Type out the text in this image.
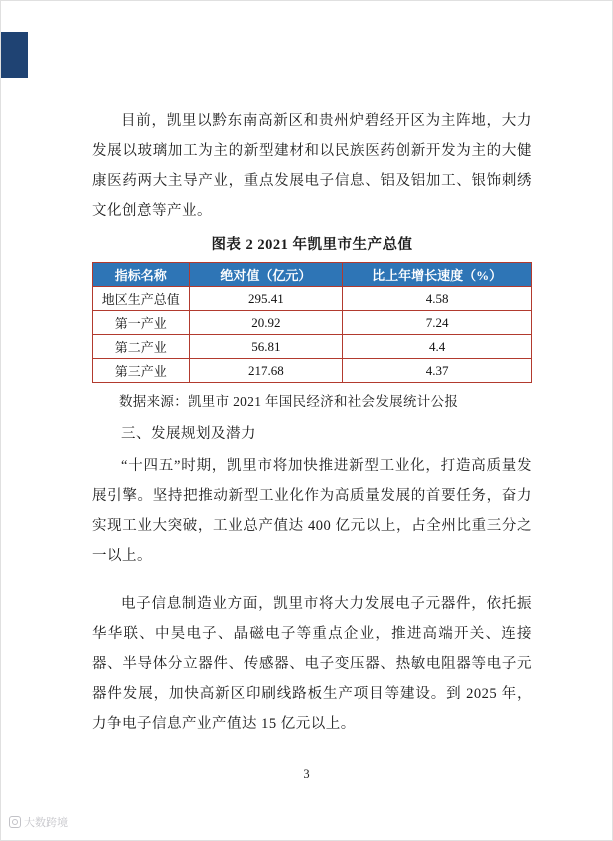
目前，凯里以黔东南高新区和贵州炉碧经开区为主阵地，大力发展以玻璃加工为主的新型建材和以民族医药创新开发为主的大健康医药两大主导产业，重点发展电子信息、铝及铝加工、银饰刺绣文化创意等产业。

图表 2 2021 年凯里市生产总值
指标名称	绝对值（亿元）	比上年增长速度（%）
地区生产总值	295.41	4.58
第一产业	20.92	7.24
第二产业	56.81	4.4
第三产业	217.68	4.37

数据来源：凯里市 2021 年国民经济和社会发展统计公报

三、发展规划及潜力

“十四五”时期，凯里市将加快推进新型工业化，打造高质量发展引擎。坚持把推动新型工业化作为高质量发展的首要任务，奋力实现工业大突破，工业总产值达 400 亿元以上，占全州比重三分之一以上。

电子信息制造业方面，凯里市将大力发展电子元器件，依托振华华联、中昊电子、晶磁电子等重点企业，推进高端开关、连接器、半导体分立器件、传感器、电子变压器、热敏电阻器等电子元器件发展，加快高新区印刷线路板生产项目等建设。到 2025 年，力争电子信息产业产值达 15 亿元以上。

3
大数跨境
